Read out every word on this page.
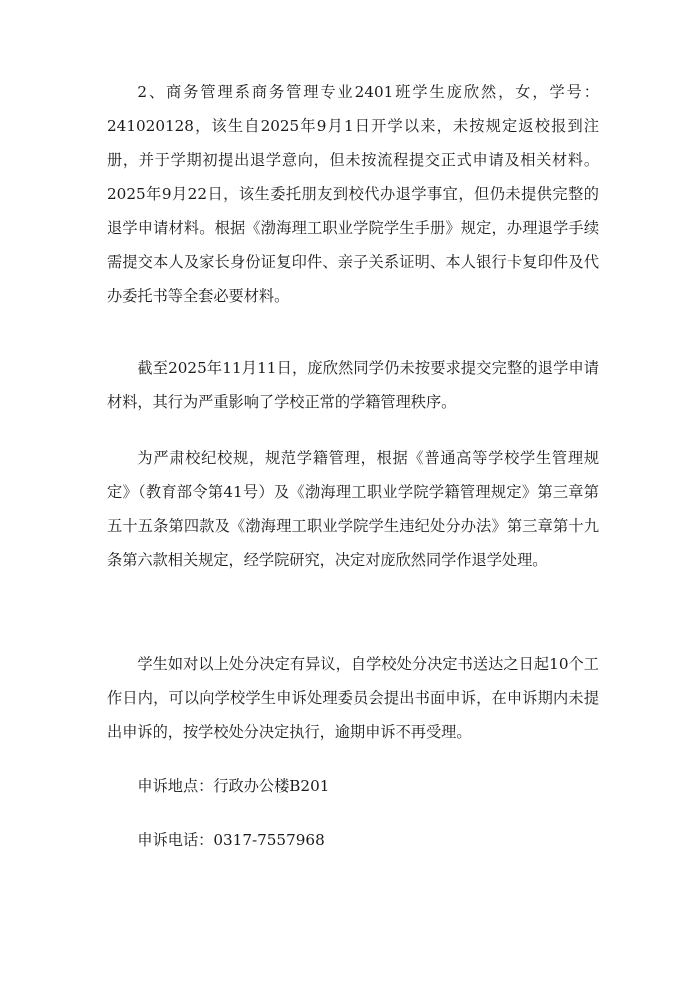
2、商务管理系商务管理专业2401班学生庞欣然，女，学号：241020128，该生自2025年9月1日开学以来，未按规定返校报到注册，并于学期初提出退学意向，但未按流程提交正式申请及相关材料。2025年9月22日，该生委托朋友到校代办退学事宜，但仍未提供完整的退学申请材料。根据《渤海理工职业学院学生手册》规定，办理退学手续需提交本人及家长身份证复印件、亲子关系证明、本人银行卡复印件及代办委托书等全套必要材料。

截至2025年11月11日，庞欣然同学仍未按要求提交完整的退学申请材料，其行为严重影响了学校正常的学籍管理秩序。

为严肃校纪校规，规范学籍管理，根据《普通高等学校学生管理规定》（教育部令第41号）及《渤海理工职业学院学籍管理规定》第三章第五十五条第四款及《渤海理工职业学院学生违纪处分办法》第三章第十九条第六款相关规定，经学院研究，决定对庞欣然同学作退学处理。

学生如对以上处分决定有异议，自学校处分决定书送达之日起10个工作日内，可以向学校学生申诉处理委员会提出书面申诉，在申诉期内未提出申诉的，按学校处分决定执行，逾期申诉不再受理。

申诉地点：行政办公楼B201

申诉电话：0317-7557968
